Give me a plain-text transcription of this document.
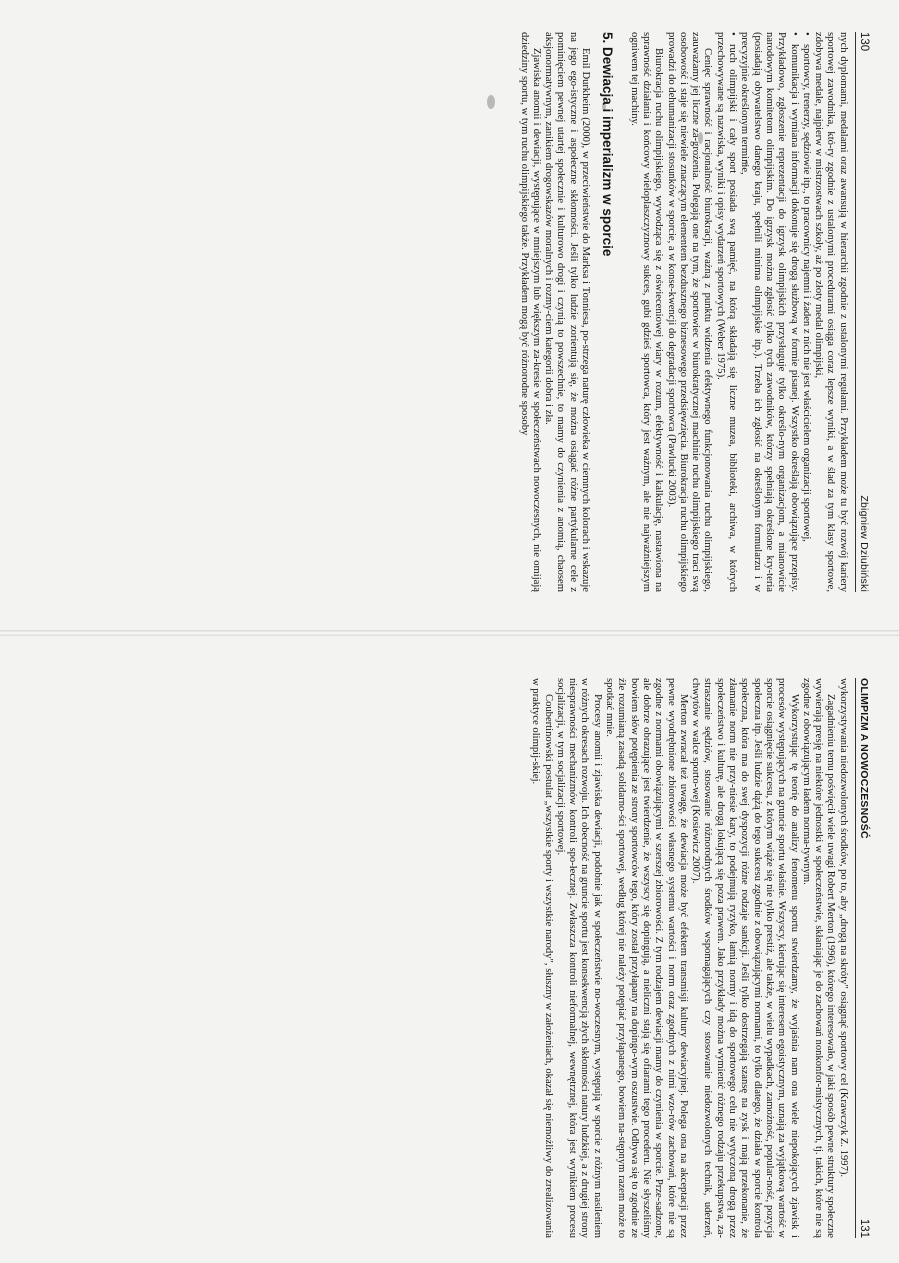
130
Zbigniew Dziubiński

nych dyplomami, medalami oraz awansują w hierarchii zgodnie z ustalonymi regułami. Przykładem może tu być rozwój kariery sportowej zawodnika, któ-ry zgodnie z ustalonymi procedurami osiąga coraz lepsze wyniki, a w ślad za tym klasy sportowe, zdobywa medale, najpierw w mistrzostwach szkoły, aż po złoty medal olimpijski,

• sportowcy, trenerzy, sędziowie itp., to pracownicy najemni i żaden z nich nie jest właścicielem organizacji sportowej,

• komunikacja i wymiana informacji dokonuje się drogą służbową w formie pisanej. Wszystko określają obowiązujące przepisy. Przykładowo, zgłoszenie reprezentacji do igrzysk olimpijskich przysługuje tylko określo-nym organizacjom, a mianowicie narodowym komitetom olimpijskim. Do igrzysk można zgłosić tylko tych zawodników, którzy spełniają określone kry-teria (posiadają obywatelstwo danego kraju, spełnili minima olimpijskie itp.). Trzeba ich zgłosić na określonym formularzu i w precyzyjnie określonym terminie,

• ruch olimpijski i cały sport posiada swą pamięć, na którą składają się liczne muzea, biblioteki, archiwa, w których przechowywane są nazwiska, wyniki i opisy wydarzeń sportowych (Weber 1975).

Cenięc sprawność i racjonalność biurokracji, ważną z punktu widzenia efektywnego funkcjonowania ruchu olimpijskiego, zauważamy jej liczne za-grożenia. Polegają one na tym, że sportowiec w biurokratycznej machinie ruchu olimpijskiego traci swą osobowość i staje się niewiele znaczącym elementem bezdusznego biznesowego przedsięwzięcia. Biurokracja ruchu olimpijskiego prowadzi do dehumanizacji stosunków w sporcie, a w konse-kwencji do degradacji sportowca (Pawlucki 2003).

Biurokracja ruchu olimpijskiego, wywodząca się z oświeceniowej wiary w rozum, efektywność i kalkulację, nastawiona na sprawność działania i końcowy wieloplaszczyznowy sukces, gubi gdzieś sportowca, który jest ważnym, ale nie najważniejszym ogniwem tej machiny.

5. Dewiacja i imperializm w sporcie

Emil Durkheim (2000), w przeciwieństwie do Marksa i Tonniesa, po-strzega naturę człowieka w ciemnych kolorach i wskazuje na jego ego-istyczne i aspołeczne skłonności. Jeśli tylko ludzie zorientują się, że można osiągać różne partykularne cele z pominięciem pewnej utartej społecznie i kulturowo drogi i czynią to powszechnie, to mamy do czynienia z anomią, chaosem aksjonormatywnym, zanikiem drogowskazów moralnych i rozmy-ciem kategorii dobra i zła.

Zjawiska anomii i dewiacji, występujące w mniejszym lub większym za-kresie w społeczeństwach nowoczesnych, nie omijają dziedziny sportu, w tym ruchu olimpijskiego także. Przykładem mogą być różnorodne sposoby

OLIMPIZM A NOWOCZESNOŚĆ
131

wykorzystywania niedozwolonych środków, po to, aby „drogą na skróty" osiągnąć sportowy cel (Krawczyk Z. 1997).

Zagadnieniu temu poświęcił wiele uwagi Robert Merton (1996), którego interesowało, w jaki sposób pewne struktury społeczne wywierają presję na niektóre jednostki w społeczeństwie, skłaniając je do zachowań nonkonfor-mistycznych, tj. takich, które nie są zgodne z obowiązującym ładem norma-tywnym.

Wykorzystując tę teorię do analizy fenomenu sportu stwierdzamy, że wyjaśnia nam ona wiele niepokojących zjawisk i procesów występujących na gruncie sportu właśnie. Wszyscy, kierując się interesem egoistycznym, uznają za wyjątkową wartość w sporcie osiągnięcie sukcesu, z którym wiąże się nie tylko prestiż, ale także, w wielu wypadkach, zamożność, popular-ność, pozycja społeczna itp. Jeśli ludzie dążą do tego sukcesu zgodnie z obowiązującymi normami, to tylko dlatego, że działa w sporcie kontrola społeczna, która ma do swej dyspozycji różne rodzaje sankcji. Jeśli tylko dostrzegają szansę na zysk i mają przekonanie, że złamanie norm nie przy-niesie kary, to podejmują ryzyko, łamią normy i idą do sportowego celu nie wytyczoną drogą przez społeczeństwo i kulturę, ale drogą lokującą się poza prawem. Jako przykłady można wymienić różnego rodzaju przekupstwa, za-straszanie sędziów, stosowanie różnorodnych środków wspomagających czy stosowanie niedozwolonych technik, uderzeń, chwytów w walce sporto-wej (Kosiewicz 2007).

Merton zwracał też uwagę, że dewiacja może być efektem transmisji kultury dewiacyjnej. Polega ona na akceptacji przez pewne wyodrębnione zbiorowości własnego systemu wartości i norm oraz zgodnych z nimi wzo-rów zachowań, które nie są zgodne z normami obowiązującymi w szerszej zbiorowości. Z tym rodzajem dewiacji mamy do czynienia w sporcie. Prze-sadzone, ale dobrze obrazujące jest twierdzenie, że wszyscy się dopingują, a nieliczni stają się ofiarami tego procederu. Nie słyszeliśmy bowiem słów potępienia ze strony sportowców tego, który został przyłapany na dopingo-wym oszustwie. Odbywa się to zgodnie ze źle rozumianą zasadą solidarno-ści sportowej, według której nie należy potępiać przyłapanego, bowiem na-stępnym razem może to spotkać mnie.

Procesy anomii i zjawiska dewiacji, podobnie jak w społeczeństwie no-woczesnym, występują w sporcie z różnym nasileniem w różnych okresach rozwoju. Ich obecność na gruncie sportu jest konsekwencją złych skłonności natury ludzkiej, a z drugiej strony niesprawności mechanizmów kontroli spo-łecznej. Zwłaszcza kontroli nieformalnej, wewnętrznej, która jest wynikiem procesu socjalizacji, w tym socjalizacji sportowej.

Coubertinowski postulat „wszystkie sporty i wszystkie narody", słuszny w założeniach, okazał się niemożliwy do zrealizowania w praktyce olimpij-skiej.
